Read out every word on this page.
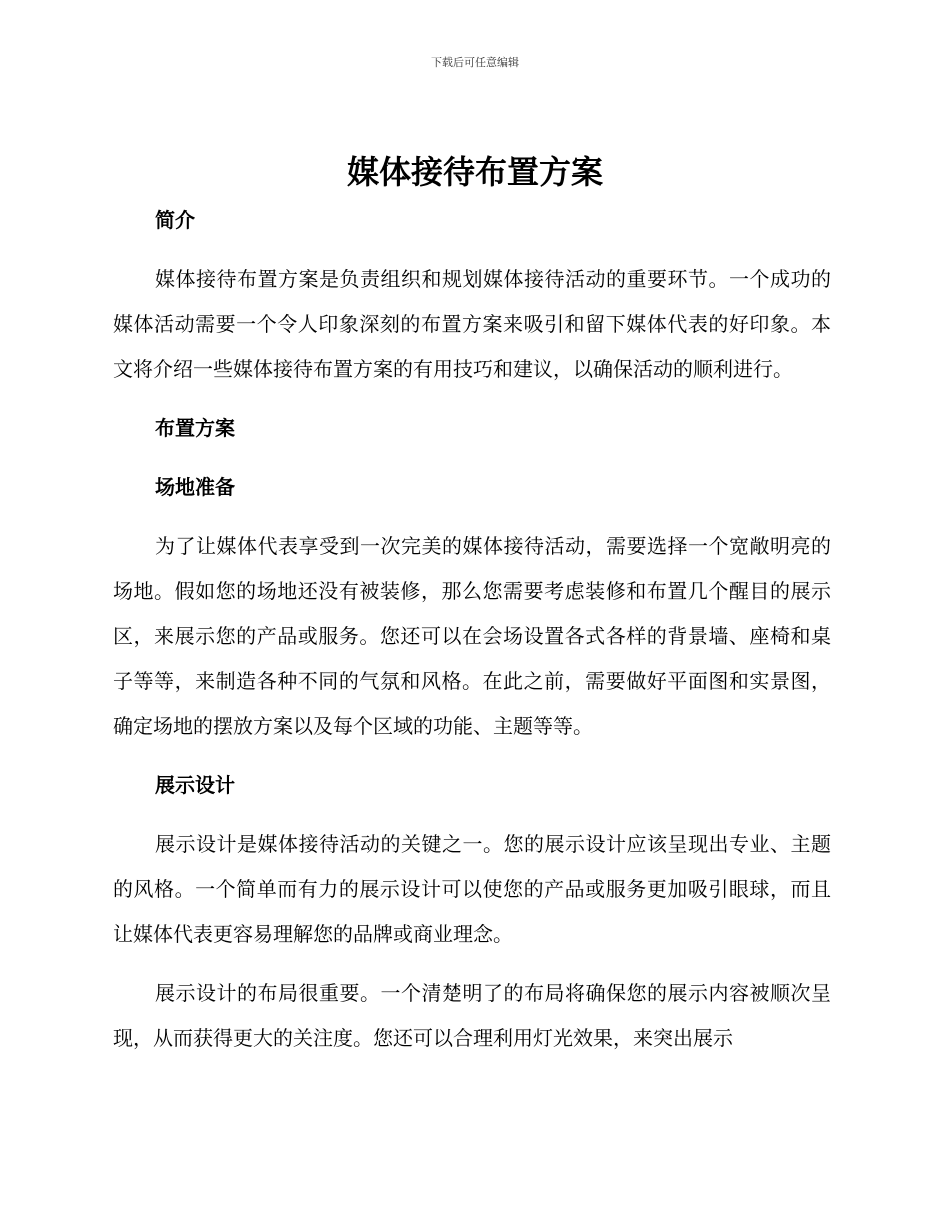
下载后可任意编辑
媒体接待布置方案
简介

媒体接待布置方案是负责组织和规划媒体接待活动的重要环节。一个成功的媒体活动需要一个令人印象深刻的布置方案来吸引和留下媒体代表的好印象。本文将介绍一些媒体接待布置方案的有用技巧和建议，以确保活动的顺利进行。

布置方案
场地准备

为了让媒体代表享受到一次完美的媒体接待活动，需要选择一个宽敞明亮的场地。假如您的场地还没有被装修，那么您需要考虑装修和布置几个醒目的展示区，来展示您的产品或服务。您还可以在会场设置各式各样的背景墙、座椅和桌子等等，来制造各种不同的气氛和风格。在此之前，需要做好平面图和实景图，确定场地的摆放方案以及每个区域的功能、主题等等。

展示设计

展示设计是媒体接待活动的关键之一。您的展示设计应该呈现出专业、主题的风格。一个简单而有力的展示设计可以使您的产品或服务更加吸引眼球，而且让媒体代表更容易理解您的品牌或商业理念。

展示设计的布局很重要。一个清楚明了的布局将确保您的展示内容被顺次呈现，从而获得更大的关注度。您还可以合理利用灯光效果，来突出展示
